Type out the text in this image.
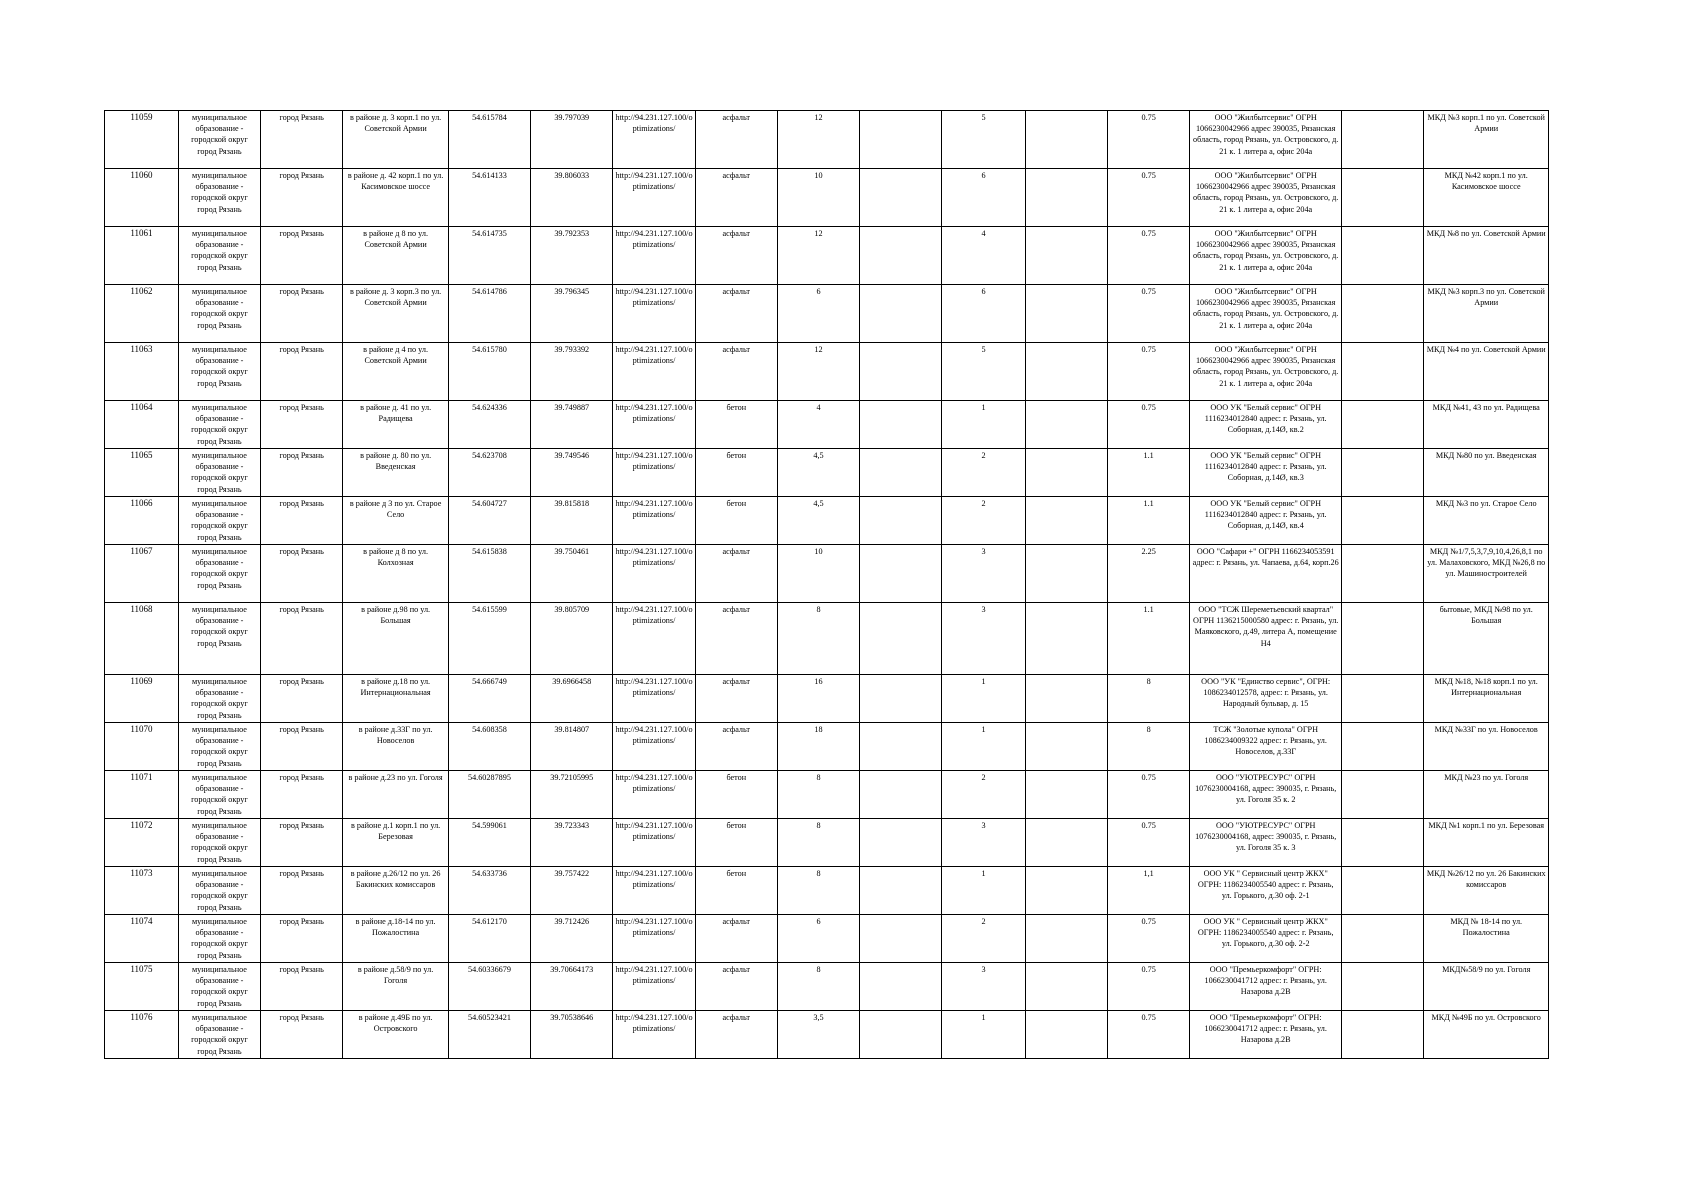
11059	муниципальное образование - городской округ город Рязань	город Рязань	в районе д. 3 корп.1 по ул. Советской Армии	54.615784	39.797039	http://94.231.127.100/optimizations/	асфальт	12		5		0.75	ООО "Жилбытсервис" ОГРН 1066230042966 адрес 390035, Рязанская область, город Рязань, ул. Островского, д. 21 к. 1 литера а, офис 204а		МКД №3 корп.1 по ул. Советской Армии
11060	муниципальное образование - городской округ город Рязань	город Рязань	в районе д. 42 корп.1 по ул. Касимовское шоссе	54.614133	39.806033	http://94.231.127.100/optimizations/	асфальт	10		6		0.75	ООО "Жилбытсервис" ОГРН 1066230042966 адрес 390035, Рязанская область, город Рязань, ул. Островского, д. 21 к. 1 литера а, офис 204а		МКД №42 корп.1 по ул. Касимовское шоссе
11061	муниципальное образование - городской округ город Рязань	город Рязань	в районе д 8 по ул. Советской Армии	54.614735	39.792353	http://94.231.127.100/optimizations/	асфальт	12		4		0.75	ООО "Жилбытсервис" ОГРН 1066230042966 адрес 390035, Рязанская область, город Рязань, ул. Островского, д. 21 к. 1 литера а, офис 204а		МКД №8 по ул. Советской Армии
11062	муниципальное образование - городской округ город Рязань	город Рязань	в районе д. 3 корп.3 по ул. Советской Армии	54.614786	39.796345	http://94.231.127.100/optimizations/	асфальт	6		6		0.75	ООО "Жилбытсервис" ОГРН 1066230042966 адрес 390035, Рязанская область, город Рязань, ул. Островского, д. 21 к. 1 литера а, офис 204а		МКД №3 корп.3 по ул. Советской Армии
11063	муниципальное образование - городской округ город Рязань	город Рязань	в районе д 4 по ул. Советской Армии	54.615780	39.793392	http://94.231.127.100/optimizations/	асфальт	12		5		0.75	ООО "Жилбытсервис" ОГРН 1066230042966 адрес 390035, Рязанская область, город Рязань, ул. Островского, д. 21 к. 1 литера а, офис 204а		МКД №4 по ул. Советской Армии
11064	муниципальное образование - городской округ город Рязань	город Рязань	в районе д. 41 по ул. Радищева	54.624336	39.749887	http://94.231.127.100/optimizations/	бетон	4		1		0.75	ООО УК "Белый сервис" ОГРН 1116234012840 адрес: г. Рязань, ул. Соборная, д.14Ø, кв.2		МКД №41, 43 по ул. Радищева
11065	муниципальное образование - городской округ город Рязань	город Рязань	в районе д. 80 по ул. Введенская	54.623708	39.749546	http://94.231.127.100/optimizations/	бетон	4,5		2		1.1	ООО УК "Белый сервис" ОГРН 1116234012840 адрес: г. Рязань, ул. Соборная, д.14Ø, кв.3		МКД №80 по ул. Введенская
11066	муниципальное образование - городской округ город Рязань	город Рязань	в районе д 3 по ул. Старое Село	54.604727	39.815818	http://94.231.127.100/optimizations/	бетон	4,5		2		1.1	ООО УК "Белый сервис" ОГРН 1116234012840 адрес: г. Рязань, ул. Соборная, д.14Ø, кв.4		МКД №3 по ул. Старое Село
11067	муниципальное образование - городской округ город Рязань	город Рязань	в районе д 8 по ул. Колхозная	54.615838	39.750461	http://94.231.127.100/optimizations/	асфальт	10		3		2.25	ООО "Сафари +" ОГРН 1166234053591 адрес: г. Рязань, ул. Чапаева, д.64, корп.26		МКД №1/7,5,3,7,9,10,4,26,8,1 по ул. Малаховского, МКД №26,8 по ул. Машиностроителей
11068	муниципальное образование - городской округ город Рязань	город Рязань	в районе д.98 по ул. Большая	54.615599	39.805709	http://94.231.127.100/optimizations/	асфальт	8		3		1.1	ООО "ТСЖ Шереметьевский квартал" ОГРН 1136215000580 адрес: г. Рязань, ул. Маяковского, д.49, литера А, помещение Н4		бытовые, МКД №98 по ул. Большая
11069	муниципальное образование - городской округ город Рязань	город Рязань	в районе д.18 по ул. Интернациональная	54.666749	39.6966458	http://94.231.127.100/optimizations/	асфальт	16		1		8	ООО "УК "Единство сервис", ОГРН: 1086234012578, адрес: г. Рязань, ул. Народный бульвар, д. 15		МКД №18, №18 корп.1 по ул. Интернациональная
11070	муниципальное образование - городской округ город Рязань	город Рязань	в районе д.33Г по ул. Новоселов	54.608358	39.814807	http://94.231.127.100/optimizations/	асфальт	18		1		8	ТСЖ "Золотые купола" ОГРН 1086234009322 адрес: г. Рязань, ул. Новоселов, д.33Г		МКД №33Г по ул. Новоселов
11071	муниципальное образование - городской округ город Рязань	город Рязань	в районе д.23 по ул. Гоголя	54.60287895	39.72105995	http://94.231.127.100/optimizations/	бетон	8		2		0.75	ООО "УЮТРЕСУРС" ОГРН 1076230004168, адрес: 390035, г. Рязань, ул. Гоголя 35 к. 2		МКД №23 по ул. Гоголя
11072	муниципальное образование - городской округ город Рязань	город Рязань	в районе д.1 корп.1 по ул. Березовая	54.599061	39.723343	http://94.231.127.100/optimizations/	бетон	8		3		0.75	ООО "УЮТРЕСУРС" ОГРН 1076230004168, адрес: 390035, г. Рязань, ул. Гоголя 35 к. 3		МКД №1 корп.1 по ул. Березовая
11073	муниципальное образование - городской округ город Рязань	город Рязань	в районе д.26/12 по ул. 26 Бакинских комиссаров	54.633736	39.757422	http://94.231.127.100/optimizations/	бетон	8		1		1,1	ООО УК " Сервисный центр ЖКХ" ОГРН: 1186234005540 адрес: г. Рязань, ул. Горького, д.30 оф. 2-1		МКД №26/12 по ул. 26 Бакинских комиссаров
11074	муниципальное образование - городской округ город Рязань	город Рязань	в районе д.18-14 по ул. Пожалостина	54.612170	39.712426	http://94.231.127.100/optimizations/	асфальт	6		2		0.75	ООО УК " Сервисный центр ЖКХ" ОГРН: 1186234005540 адрес: г. Рязань, ул. Горького, д.30 оф. 2-2		МКД № 18-14 по ул. Пожалостина
11075	муниципальное образование - городской округ город Рязань	город Рязань	в районе д.58/9 по ул. Гоголя	54.60336679	39.70664173	http://94.231.127.100/optimizations/	асфальт	8		3		0.75	ООО "Премьеркомфорт" ОГРН: 1066230041712 адрес: г. Рязань, ул. Назарова д.2В		МКД№58/9 по ул. Гоголя
11076	муниципальное образование - городской округ город Рязань	город Рязань	в районе д.49Б по ул. Островского	54.60523421	39.70538646	http://94.231.127.100/optimizations/	асфальт	3,5		1		0.75	ООО "Премьеркомфорт" ОГРН: 1066230041712 адрес: г. Рязань, ул. Назарова д.2В		МКД №49Б по ул. Островского
